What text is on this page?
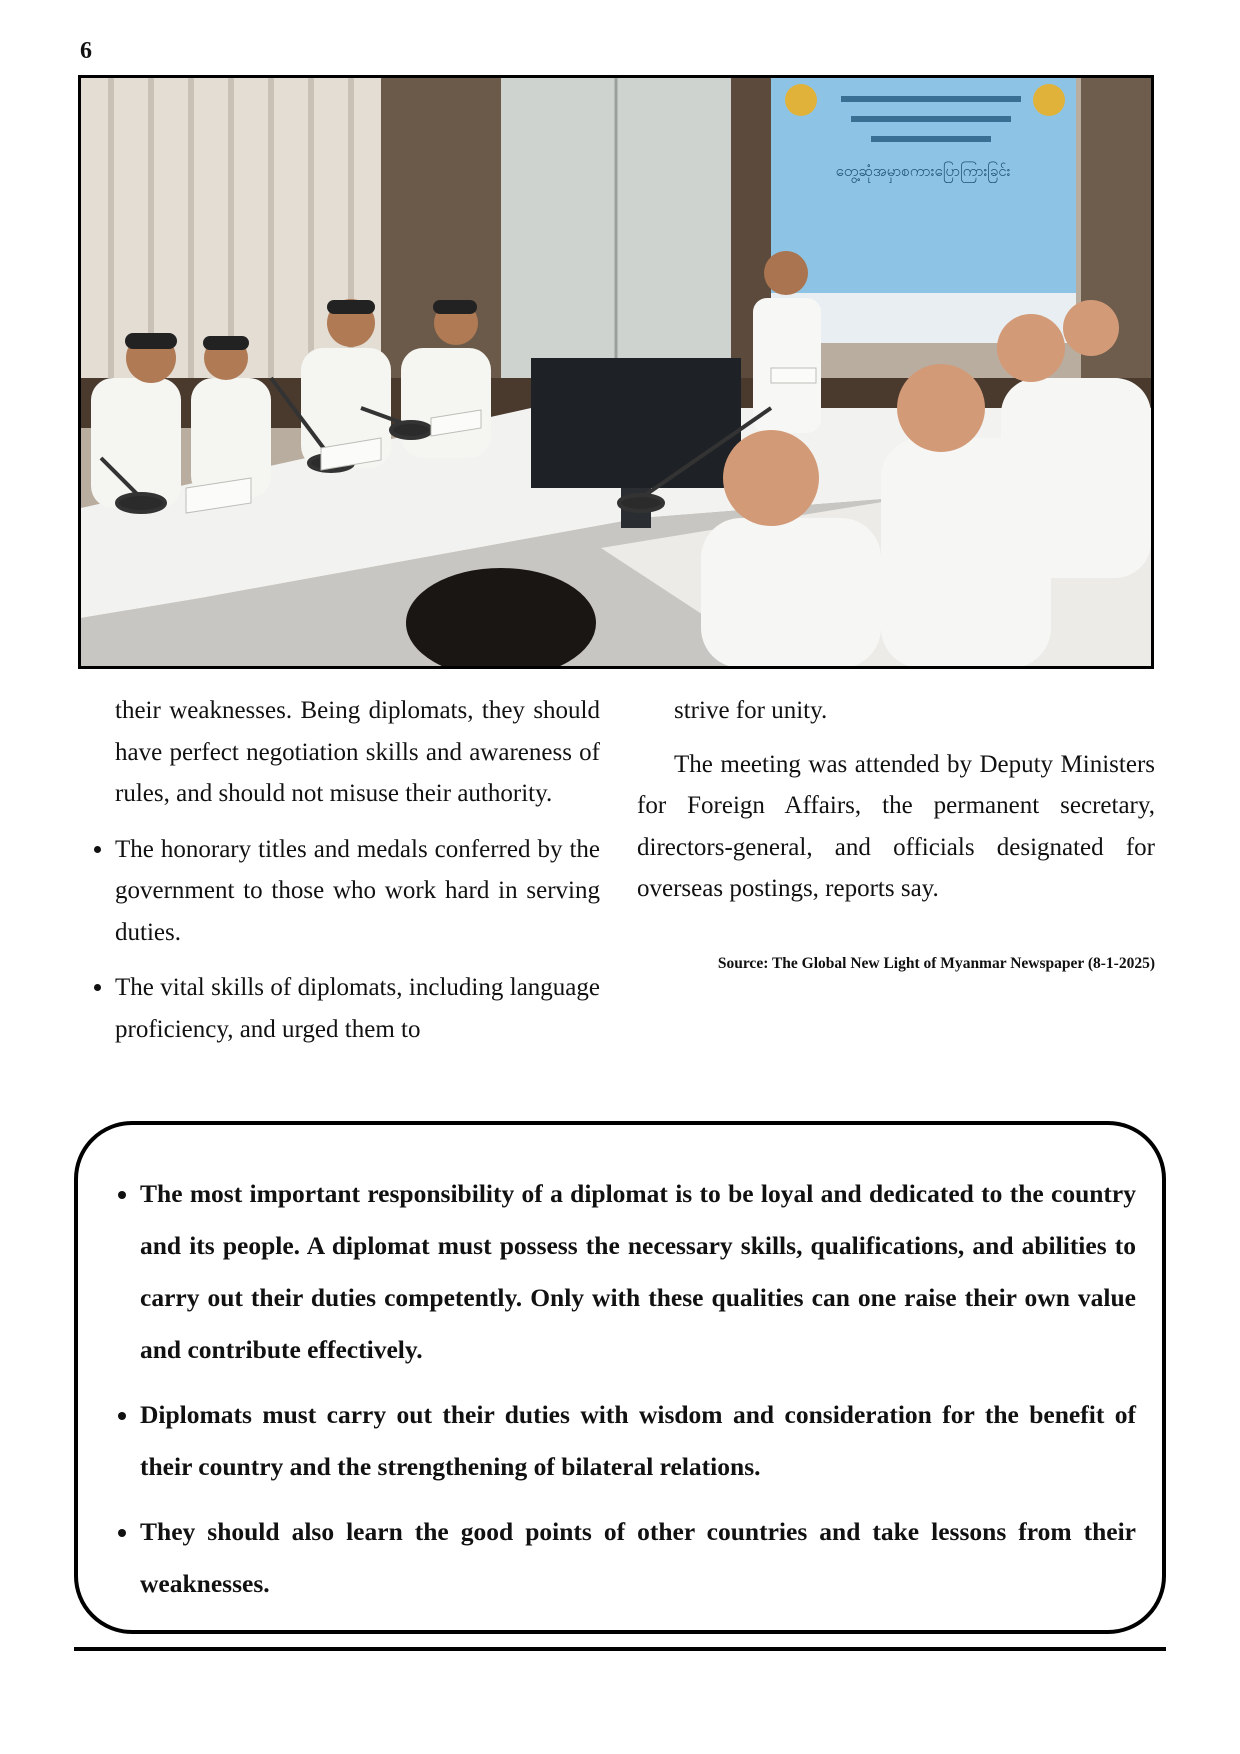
6
တွေ့ဆုံအမှာစကားပြောကြားခြင်း

their weaknesses. Being diplomats, they should have perfect negotiation skills and awareness of rules, and should not misuse their authority.

• The honorary titles and medals conferred by the government to those who work hard in serving duties.
• The vital skills of diplomats, including language proficiency, and urged them to

strive for unity.

The meeting was attended by Deputy Ministers for Foreign Affairs, the permanent secretary, directors-general, and officials designated for overseas postings, reports say.

Source: The Global New Light of Myanmar Newspaper (8-1-2025)
• The most important responsibility of a diplomat is to be loyal and dedicated to the country and its people. A diplomat must possess the necessary skills, qualifications, and abilities to carry out their duties competently. Only with these qualities can one raise their own value and contribute effectively.
• Diplomats must carry out their duties with wisdom and consideration for the benefit of their country and the strengthening of bilateral relations.
• They should also learn the good points of other countries and take lessons from their weaknesses.
